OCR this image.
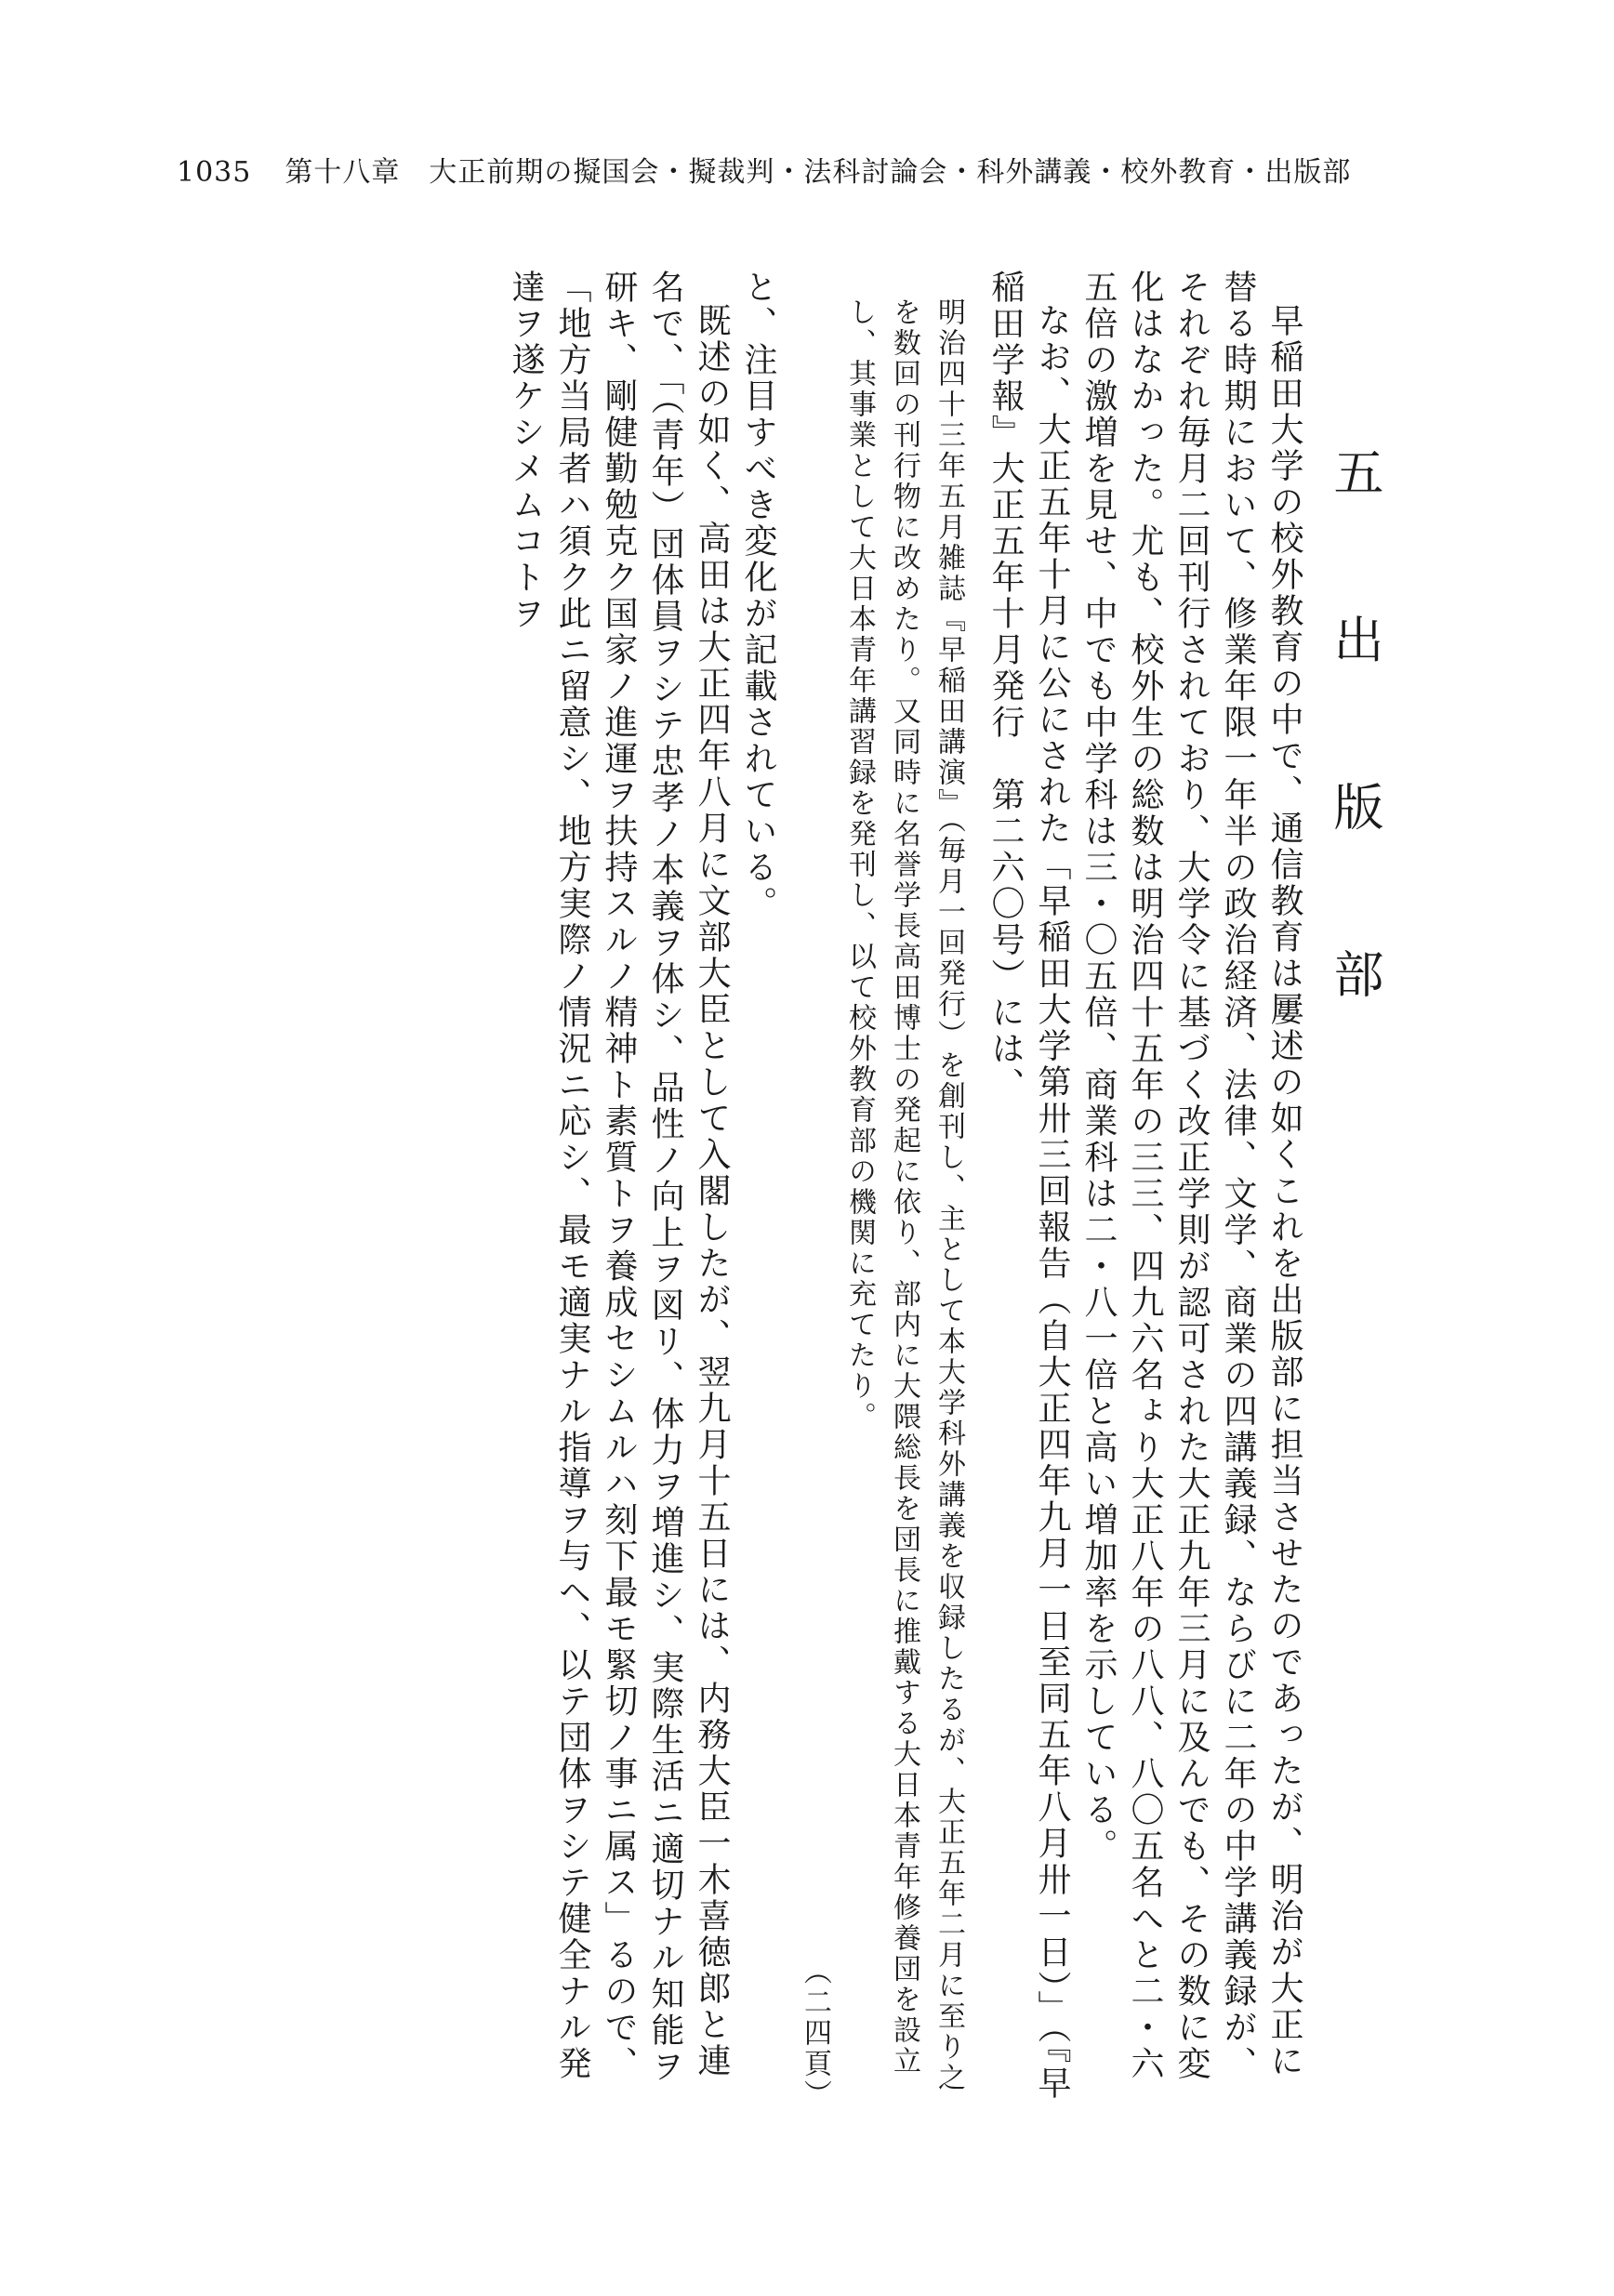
1035 第十八章　大正前期の擬国会・擬裁判・法科討論会・科外講義・校外教育・出版部
五　出　版　部

早稲田大学の校外教育の中で、通信教育は屢述の如くこれを出版部に担当させたのであったが、明治が大正に替る時期において、修業年限一年半の政治経済、法律、文学、商業の四講義録、ならびに二年の中学講義録が、それぞれ毎月二回刊行されており、大学令に基づく改正学則が認可された大正九年三月に及んでも、その数に変化はなかった。尤も、校外生の総数は明治四十五年の三三、四九六名ょり大正八年の八八、八〇五名へと二・六五倍の激増を見せ、中でも中学科は三・〇五倍、商業科は二・八一倍と高い増加率を示している。

なお、大正五年十月に公にされた「早稲田大学第卅三回報告（自大正四年九月一日至同五年八月卅一日）」（『早稲田学報』大正五年十月発行　第二六〇号）には、

明治四十三年五月雑誌『早稲田講演』（毎月一回発行）を創刊し、主として本大学科外講義を収録したるが、大正五年二月に至り之を数回の刊行物に改めたり。又同時に名誉学長高田博士の発起に依り、部内に大隈総長を団長に推戴する大日本青年修養団を設立し、其事業として大日本青年講習録を発刊し、以て校外教育部の機関に充てたり。
（二四頁）

と、注目すべき変化が記載されている。

既述の如く、高田は大正四年八月に文部大臣として入閣したが、翌九月十五日には、内務大臣一木喜徳郎と連名で、「（青年）団体員ヲシテ忠孝ノ本義ヲ体シ、品性ノ向上ヲ図リ、体力ヲ増進シ、実際生活ニ適切ナル知能ヲ研キ、剛健勤勉克ク国家ノ進運ヲ扶持スルノ精神ト素質トヲ養成セシムルハ刻下最モ緊切ノ事ニ属ス」るので、「地方当局者ハ須ク此ニ留意シ、地方実際ノ情況ニ応シ、最モ適実ナル指導ヲ与ヘ、以テ団体ヲシテ健全ナル発達ヲ遂ケシメムコトヲ
